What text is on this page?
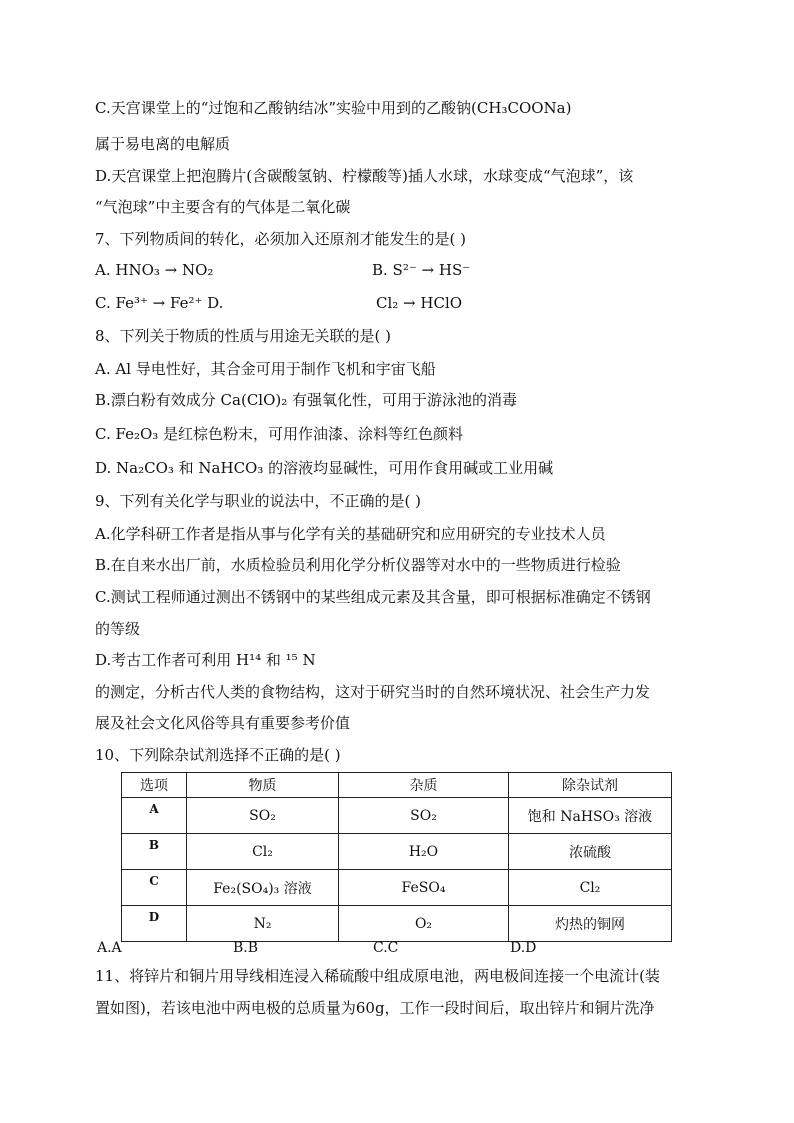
C.天宫课堂上的“过饱和乙酸钠结冰”实验中用到的乙酸钠(CH₃COONa)
属于易电离的电解质
D.天宫课堂上把泡腾片(含碳酸氢钠、柠檬酸等)插人水球，水球变成“气泡球”，该
“气泡球”中主要含有的气体是二氧化碳
7、下列物质间的转化，必须加入还原剂才能发生的是( )
A. HNO₃ → NO₂	B. S²⁻ → HS⁻
C. Fe³⁺ → Fe²⁺ D.	Cl₂ → HClO
8、下列关于物质的性质与用途无关联的是( )
A. Al 导电性好，其合金可用于制作飞机和宇宙飞船
B.漂白粉有效成分 Ca(ClO)₂ 有强氧化性，可用于游泳池的消毒
C. Fe₂O₃ 是红棕色粉末，可用作油漆、涂料等红色颜料
D. Na₂CO₃ 和 NaHCO₃ 的溶液均显碱性，可用作食用碱或工业用碱
9、下列有关化学与职业的说法中，不正确的是( )
A.化学科研工作者是指从事与化学有关的基础研究和应用研究的专业技术人员
B.在自来水出厂前，水质检验员利用化学分析仪器等对水中的一些物质进行检验
C.测试工程师通过测出不锈钢中的某些组成元素及其含量，即可根据标准确定不锈钢
的等级
D.考古工作者可利用 H¹⁴ 和 ¹⁵ N
的测定，分析古代人类的食物结构，这对于研究当时的自然环境状况、社会生产力发
展及社会文化风俗等具有重要参考价值
10、下列除杂试剂选择不正确的是( )
选项	物质	杂质	除杂试剂
A	SO₂	SO₂	饱和 NaHSO₃ 溶液
B	Cl₂	H₂O	浓硫酸
C	Fe₂(SO₄)₃ 溶液	FeSO₄	Cl₂
D	N₂	O₂	灼热的铜网
A.A	B.B	C.C	D.D
11、将锌片和铜片用导线相连浸入稀硫酸中组成原电池，两电极间连接一个电流计(装
置如图)，若该电池中两电极的总质量为60g，工作一段时间后，取出锌片和铜片洗净
